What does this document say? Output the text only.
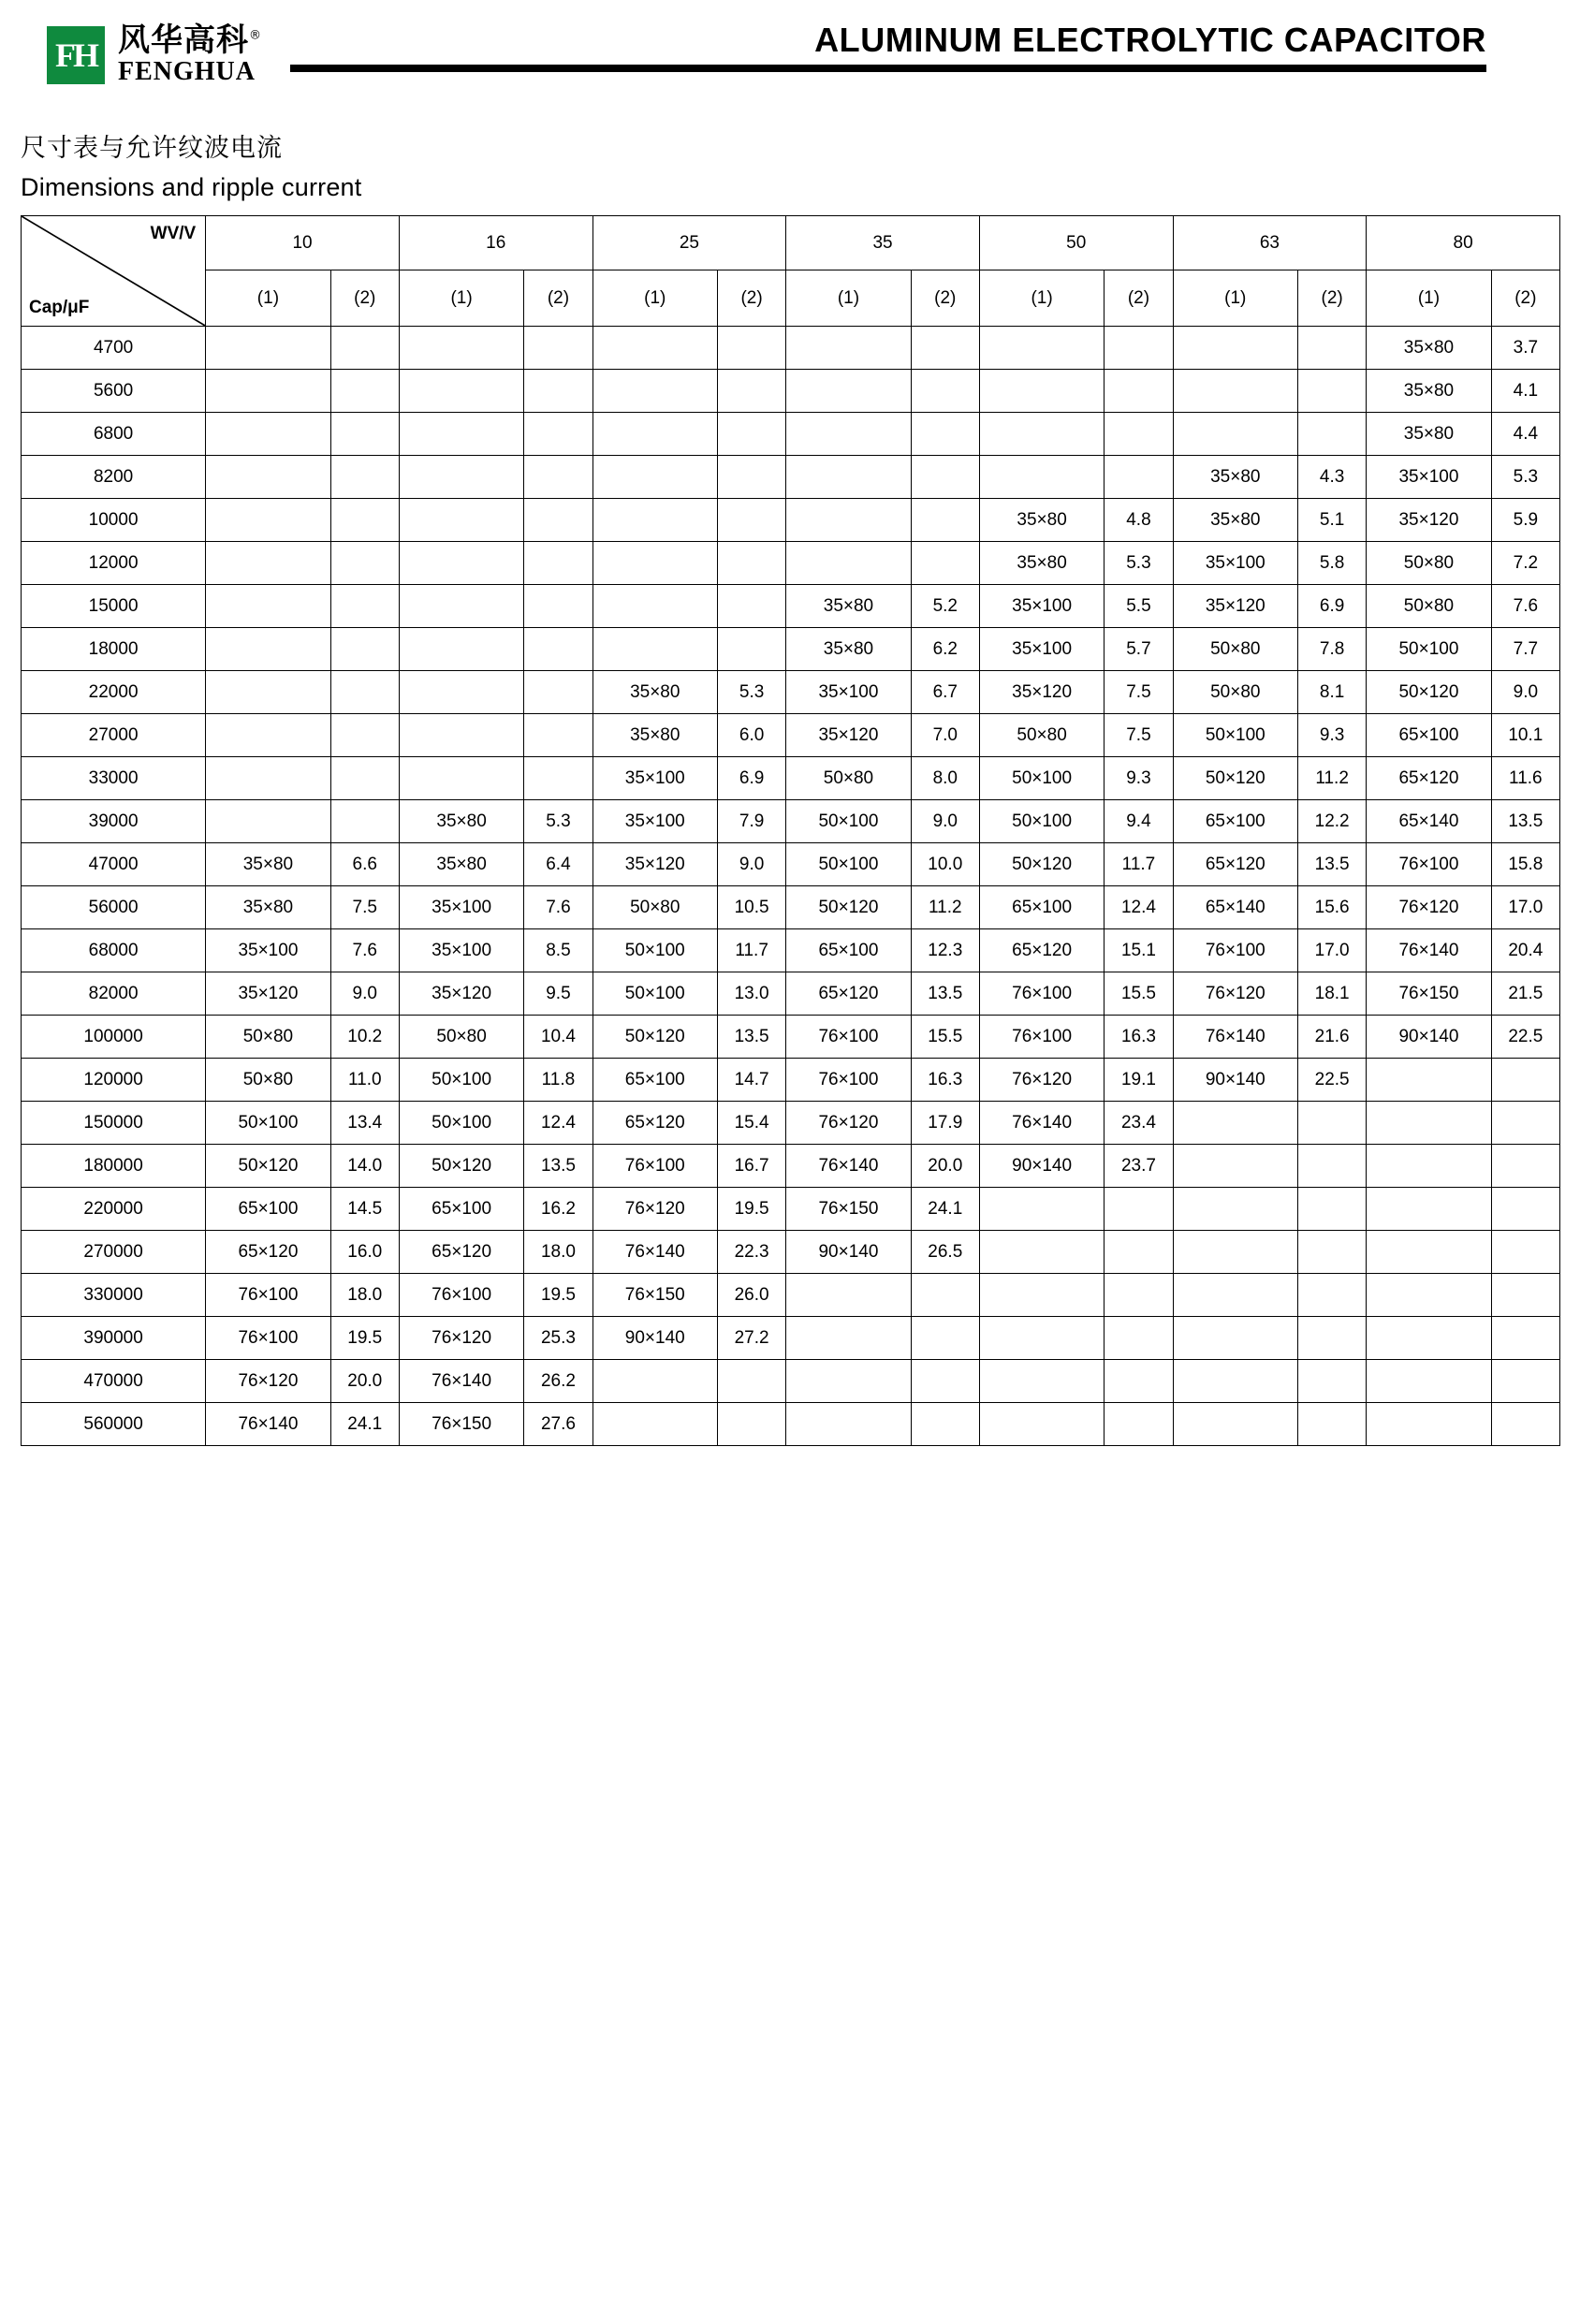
FH 风华高科®
FENGHUA
ALUMINUM ELECTROLYTIC CAPACITOR
尺寸表与允许纹波电流
Dimensions and ripple current
WV/V
Cap/μF	10		16		25		35		50		63		80	
	(1)	(2)	(1)	(2)	(1)	(2)	(1)	(2)	(1)	(2)	(1)	(2)	(1)	(2)
4700													35×80	3.7
5600													35×80	4.1
6800													35×80	4.4
8200											35×80	4.3	35×100	5.3
10000									35×80	4.8	35×80	5.1	35×120	5.9
12000									35×80	5.3	35×100	5.8	50×80	7.2
15000							35×80	5.2	35×100	5.5	35×120	6.9	50×80	7.6
18000							35×80	6.2	35×100	5.7	50×80	7.8	50×100	7.7
22000					35×80	5.3	35×100	6.7	35×120	7.5	50×80	8.1	50×120	9.0
27000					35×80	6.0	35×120	7.0	50×80	7.5	50×100	9.3	65×100	10.1
33000					35×100	6.9	50×80	8.0	50×100	9.3	50×120	11.2	65×120	11.6
39000			35×80	5.3	35×100	7.9	50×100	9.0	50×100	9.4	65×100	12.2	65×140	13.5
47000	35×80	6.6	35×80	6.4	35×120	9.0	50×100	10.0	50×120	11.7	65×120	13.5	76×100	15.8
56000	35×80	7.5	35×100	7.6	50×80	10.5	50×120	11.2	65×100	12.4	65×140	15.6	76×120	17.0
68000	35×100	7.6	35×100	8.5	50×100	11.7	65×100	12.3	65×120	15.1	76×100	17.0	76×140	20.4
82000	35×120	9.0	35×120	9.5	50×100	13.0	65×120	13.5	76×100	15.5	76×120	18.1	76×150	21.5
100000	50×80	10.2	50×80	10.4	50×120	13.5	76×100	15.5	76×100	16.3	76×140	21.6	90×140	22.5
120000	50×80	11.0	50×100	11.8	65×100	14.7	76×100	16.3	76×120	19.1	90×140	22.5		
150000	50×100	13.4	50×100	12.4	65×120	15.4	76×120	17.9	76×140	23.4				
180000	50×120	14.0	50×120	13.5	76×100	16.7	76×140	20.0	90×140	23.7				
220000	65×100	14.5	65×100	16.2	76×120	19.5	76×150	24.1						
270000	65×120	16.0	65×120	18.0	76×140	22.3	90×140	26.5						
330000	76×100	18.0	76×100	19.5	76×150	26.0								
390000	76×100	19.5	76×120	25.3	90×140	27.2								
470000	76×120	20.0	76×140	26.2										
560000	76×140	24.1	76×150	27.6										
